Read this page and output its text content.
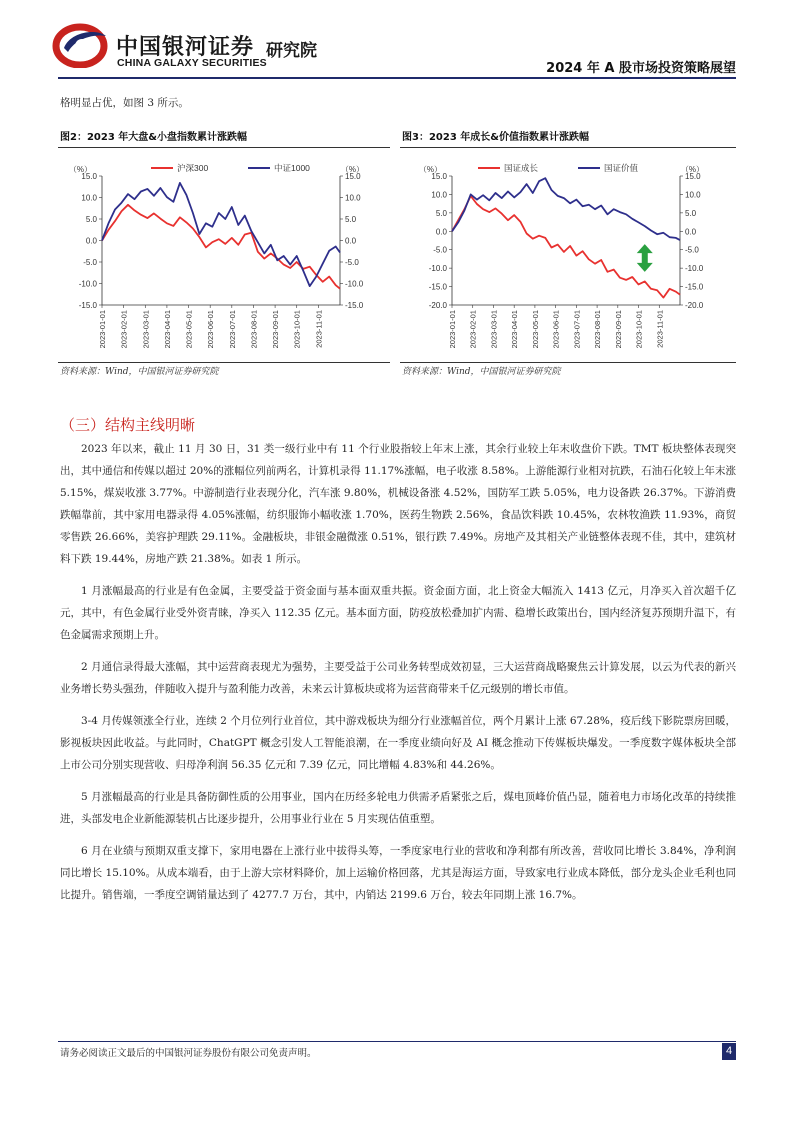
中国银河证券
CHINA GALAXY SECURITIES
研究院
2024 年 A 股市场投资策略展望
格明显占优，如图 3 所示。
图2：2023 年大盘&小盘指数累计涨跌幅
（%）	（%）
15.0	15.0
10.0	10.0
5.0	5.0
0.0	0.0
-5.0	-5.0
-10.0	-10.0
-15.0	-15.0
2023-01-01 2023-02-01 2023-03-01 2023-04-01 2023-05-01 2023-06-01 2023-07-01 2023-08-01 2023-09-01 2023-10-01 2023-11-01
沪深300	中证1000
资料来源：Wind，中国银河证券研究院
图3：2023 年成长&价值指数累计涨跌幅
（%）	（%）
15.0	15.0
10.0	10.0
5.0	5.0
0.0	0.0
-5.0	-5.0
-10.0	-10.0
-15.0	-15.0
-20.0	-20.0
2023-01-01 2023-02-01 2023-03-01 2023-04-01 2023-05-01 2023-06-01 2023-07-01 2023-08-01 2023-09-01 2023-10-01 2023-11-01
国证成长	国证价值
资料来源：Wind，中国银河证券研究院
（三）结构主线明晰

2023 年以来，截止 11 月 30 日，31 类一级行业中有 11 个行业股指较上年末上涨，其余行业较上年末收盘价下跌。TMT 板块整体表现突出，其中通信和传媒以超过 20%的涨幅位列前两名，计算机录得 11.17%涨幅，电子收涨 8.58%。上游能源行业相对抗跌，石油石化较上年末涨 5.15%，煤炭收涨 3.77%。中游制造行业表现分化，汽车涨 9.80%，机械设备涨 4.52%，国防军工跌 5.05%，电力设备跌 26.37%。下游消费跌幅靠前，其中家用电器录得 4.05%涨幅，纺织服饰小幅收涨 1.70%，医药生物跌 2.56%，食品饮料跌 10.45%，农林牧渔跌 11.93%，商贸零售跌 26.66%，美容护理跌 29.11%。金融板块，非银金融微涨 0.51%，银行跌 7.49%。房地产及其相关产业链整体表现不佳，其中，建筑材料下跌 19.44%，房地产跌 21.38%。如表 1 所示。

1 月涨幅最高的行业是有色金属，主要受益于资金面与基本面双重共振。资金面方面，北上资金大幅流入 1413 亿元，月净买入首次超千亿元，其中，有色金属行业受外资青睐，净买入 112.35 亿元。基本面方面，防疫放松叠加扩内需、稳增长政策出台，国内经济复苏预期升温下，有色金属需求预期上升。

2 月通信录得最大涨幅，其中运营商表现尤为强势，主要受益于公司业务转型成效初显，三大运营商战略聚焦云计算发展，以云为代表的新兴业务增长势头强劲，伴随收入提升与盈利能力改善，未来云计算板块或将为运营商带来千亿元级别的增长市值。

3-4 月传媒领涨全行业，连续 2 个月位列行业首位，其中游戏板块为细分行业涨幅首位，两个月累计上涨 67.28%，疫后线下影院票房回暖，影视板块因此收益。与此同时，ChatGPT 概念引发人工智能浪潮，在一季度业绩向好及 AI 概念推动下传媒板块爆发。一季度数字媒体板块全部上市公司分别实现营收、归母净利润 56.35 亿元和 7.39 亿元，同比增幅 4.83%和 44.26%。

5 月涨幅最高的行业是具备防御性质的公用事业，国内在历经多轮电力供需矛盾紧张之后，煤电顶峰价值凸显，随着电力市场化改革的持续推进，头部发电企业新能源装机占比逐步提升，公用事业行业在 5 月实现估值重塑。

6 月在业绩与预期双重支撑下，家用电器在上涨行业中拔得头筹，一季度家电行业的营收和净利都有所改善，营收同比增长 3.84%，净利润同比增长 15.10%。从成本端看，由于上游大宗材料降价，加上运输价格回落，尤其是海运方面，导致家电行业成本降低，部分龙头企业毛利也同比提升。销售端，一季度空调销量达到了 4277.7 万台，其中，内销达 2199.6 万台，较去年同期上涨 16.7%。

请务必阅读正文最后的中国银河证券股份有限公司免责声明。	4
